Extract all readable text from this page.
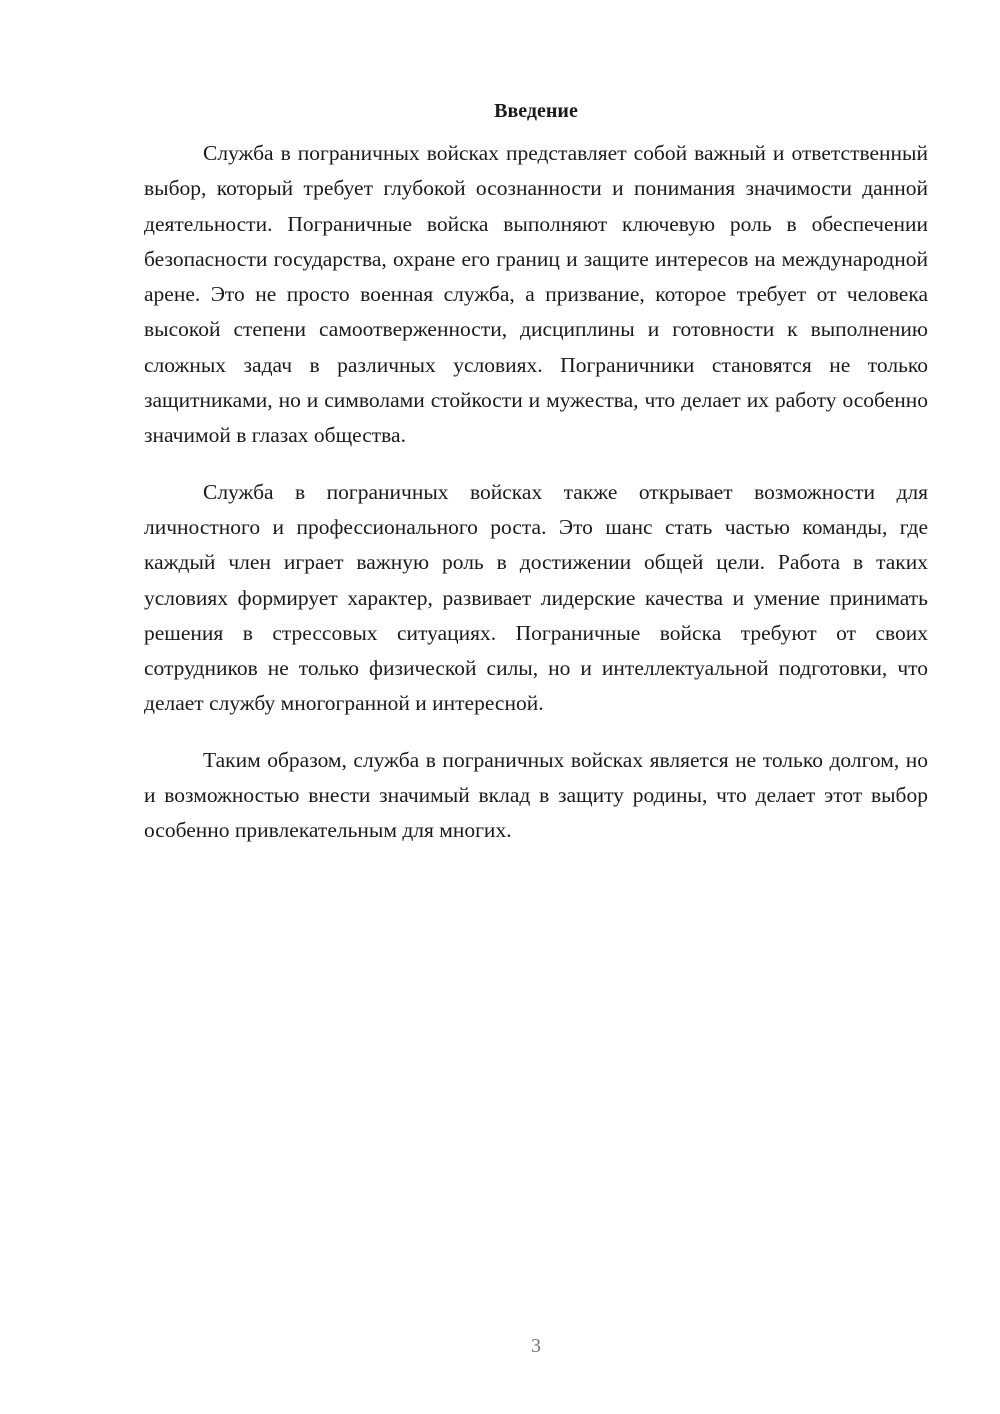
Введение

Служба в пограничных войсках представляет собой важный и ответственный выбор, который требует глубокой осознанности и понимания значимости данной деятельности. Пограничные войска выполняют ключевую роль в обеспечении безопасности государства, охране его границ и защите интересов на международной арене. Это не просто военная служба, а призвание, которое требует от человека высокой степени самоотверженности, дисциплины и готовности к выполнению сложных задач в различных условиях. Пограничники становятся не только защитниками, но и символами стойкости и мужества, что делает их работу особенно значимой в глазах общества.

Служба в пограничных войсках также открывает возможности для личностного и профессионального роста. Это шанс стать частью команды, где каждый член играет важную роль в достижении общей цели. Работа в таких условиях формирует характер, развивает лидерские качества и умение принимать решения в стрессовых ситуациях. Пограничные войска требуют от своих сотрудников не только физической силы, но и интеллектуальной подготовки, что делает службу многогранной и интересной.

Таким образом, служба в пограничных войсках является не только долгом, но и возможностью внести значимый вклад в защиту родины, что делает этот выбор особенно привлекательным для многих.

3
